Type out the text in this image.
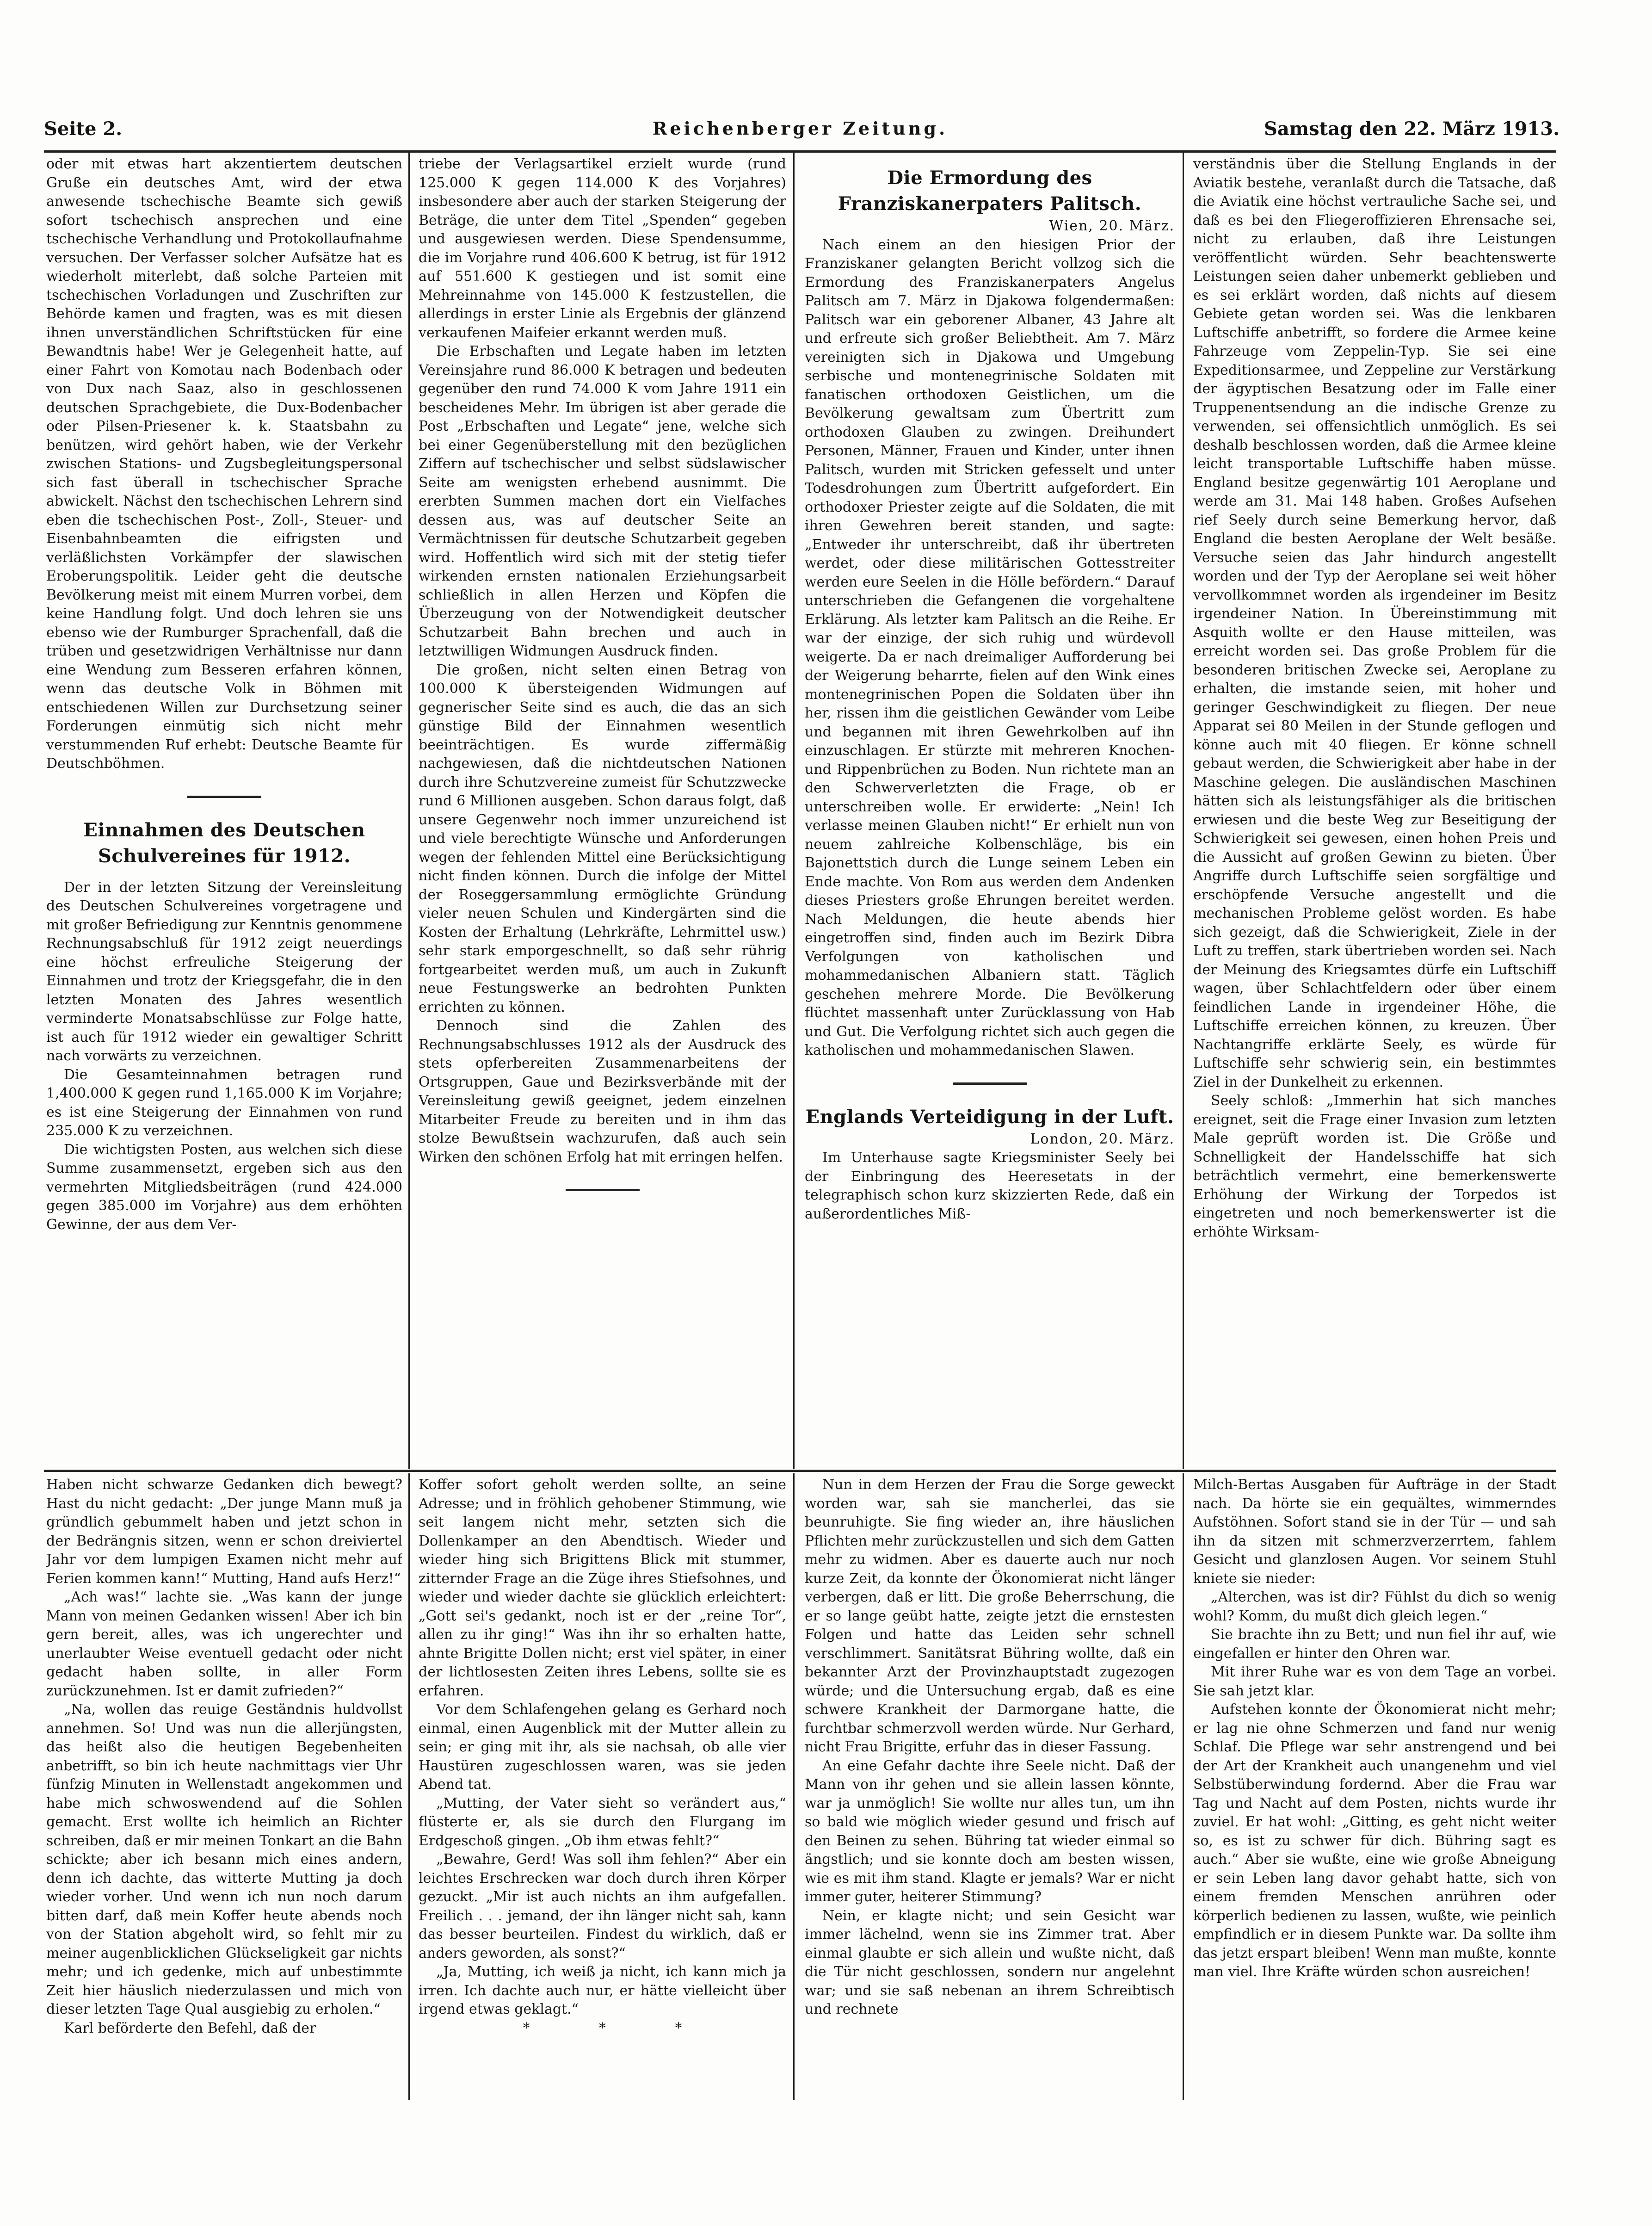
Seite 2.	Reichenberger Zeitung.	Samstag den 22. März 1913.

oder mit etwas hart akzentiertem deutschen Gruße ein deutsches Amt, wird der etwa anwesende tschechische Beamte sich gewiß sofort tschechisch ansprechen und eine tschechische Verhandlung und Protokollaufnahme versuchen. Der Verfasser solcher Aufsätze hat es wiederholt miterlebt, daß solche Parteien mit tschechischen Vorladungen und Zuschriften zur Behörde kamen und fragten, was es mit diesen ihnen unverständlichen Schriftstücken für eine Bewandtnis habe! Wer je Gelegenheit hatte, auf einer Fahrt von Komotau nach Bodenbach oder von Dux nach Saaz, also in geschlossenen deutschen Sprachgebiete, die Dux-Bodenbacher oder Pilsen-Priesener k. k. Staatsbahn zu benützen, wird gehört haben, wie der Verkehr zwischen Stations- und Zugsbegleitungspersonal sich fast überall in tschechischer Sprache abwickelt. Nächst den tschechischen Lehrern sind eben die tschechischen Post-, Zoll-, Steuer- und Eisenbahnbeamten die eifrigsten und verläßlichsten Vorkämpfer der slawischen Eroberungspolitik. Leider geht die deutsche Bevölkerung meist mit einem Murren vorbei, dem keine Handlung folgt. Und doch lehren sie uns ebenso wie der Rumburger Sprachenfall, daß die trüben und gesetzwidrigen Verhältnisse nur dann eine Wendung zum Besseren erfahren können, wenn das deutsche Volk in Böhmen mit entschiedenen Willen zur Durchsetzung seiner Forderungen einmütig sich nicht mehr verstummenden Ruf erhebt: Deutsche Beamte für Deutschböhmen.

Einnahmen des Deutschen Schulvereines für 1912.

Der in der letzten Sitzung der Vereinsleitung des Deutschen Schulvereines vorgetragene und mit großer Befriedigung zur Kenntnis genommene Rechnungsabschluß für 1912 zeigt neuerdings eine höchst erfreuliche Steigerung der Einnahmen und trotz der Kriegsgefahr, die in den letzten Monaten des Jahres wesentlich verminderte Monatsabschlüsse zur Folge hatte, ist auch für 1912 wieder ein gewaltiger Schritt nach vorwärts zu verzeichnen.

Die Gesamteinnahmen betragen rund 1,400.000 K gegen rund 1,165.000 K im Vorjahre; es ist eine Steigerung der Einnahmen von rund 235.000 K zu verzeichnen.

Die wichtigsten Posten, aus welchen sich diese Summe zusammensetzt, ergeben sich aus den vermehrten Mitgliedsbeiträgen (rund 424.000 gegen 385.000 im Vorjahre) aus dem erhöhten Gewinne, der aus dem Ver-

triebe der Verlagsartikel erzielt wurde (rund 125.000 K gegen 114.000 K des Vorjahres) insbesondere aber auch der starken Steigerung der Beträge, die unter dem Titel „Spenden“ gegeben und ausgewiesen werden. Diese Spendensumme, die im Vorjahre rund 406.600 K betrug, ist für 1912 auf 551.600 K gestiegen und ist somit eine Mehreinnahme von 145.000 K festzustellen, die allerdings in erster Linie als Ergebnis der glänzend verkaufenen Maifeier erkannt werden muß.

Die Erbschaften und Legate haben im letzten Vereinsjahre rund 86.000 K betragen und bedeuten gegenüber den rund 74.000 K vom Jahre 1911 ein bescheidenes Mehr. Im übrigen ist aber gerade die Post „Erbschaften und Legate“ jene, welche sich bei einer Gegenüberstellung mit den bezüglichen Ziffern auf tschechischer und selbst südslawischer Seite am wenigsten erhebend ausnimmt. Die ererbten Summen machen dort ein Vielfaches dessen aus, was auf deutscher Seite an Vermächtnissen für deutsche Schutzarbeit gegeben wird. Hoffentlich wird sich mit der stetig tiefer wirkenden ernsten nationalen Erziehungsarbeit schließlich in allen Herzen und Köpfen die Überzeugung von der Notwendigkeit deutscher Schutzarbeit Bahn brechen und auch in letztwilligen Widmungen Ausdruck finden.

Die großen, nicht selten einen Betrag von 100.000 K übersteigenden Widmungen auf gegnerischer Seite sind es auch, die das an sich günstige Bild der Einnahmen wesentlich beeinträchtigen. Es wurde ziffermäßig nachgewiesen, daß die nichtdeutschen Nationen durch ihre Schutzvereine zumeist für Schutzzwecke rund 6 Millionen ausgeben. Schon daraus folgt, daß unsere Gegenwehr noch immer unzureichend ist und viele berechtigte Wünsche und Anforderungen wegen der fehlenden Mittel eine Berücksichtigung nicht finden können. Durch die infolge der Mittel der Roseggersammlung ermöglichte Gründung vieler neuen Schulen und Kindergärten sind die Kosten der Erhaltung (Lehrkräfte, Lehrmittel usw.) sehr stark emporgeschnellt, so daß sehr rührig fortgearbeitet werden muß, um auch in Zukunft neue Festungswerke an bedrohten Punkten errichten zu können.

Dennoch sind die Zahlen des Rechnungsabschlusses 1912 als der Ausdruck des stets opferbereiten Zusammenarbeitens der Ortsgruppen, Gaue und Bezirksverbände mit der Vereinsleitung gewiß geeignet, jedem einzelnen Mitarbeiter Freude zu bereiten und in ihm das stolze Bewußtsein wachzurufen, daß auch sein Wirken den schönen Erfolg hat mit erringen helfen.

Die Ermordung des Franziskanerpaters Palitsch.

Wien, 20. März.

Nach einem an den hiesigen Prior der Franziskaner gelangten Bericht vollzog sich die Ermordung des Franziskanerpaters Angelus Palitsch am 7. März in Djakowa folgendermaßen: Palitsch war ein geborener Albaner, 43 Jahre alt und erfreute sich großer Beliebtheit. Am 7. März vereinigten sich in Djakowa und Umgebung serbische und montenegrinische Soldaten mit fanatischen orthodoxen Geistlichen, um die Bevölkerung gewaltsam zum Übertritt zum orthodoxen Glauben zu zwingen. Dreihundert Personen, Männer, Frauen und Kinder, unter ihnen Palitsch, wurden mit Stricken gefesselt und unter Todesdrohungen zum Übertritt aufgefordert. Ein orthodoxer Priester zeigte auf die Soldaten, die mit ihren Gewehren bereit standen, und sagte: „Entweder ihr unterschreibt, daß ihr übertreten werdet, oder diese militärischen Gottesstreiter werden eure Seelen in die Hölle befördern.“ Darauf unterschrieben die Gefangenen die vorgehaltene Erklärung. Als letzter kam Palitsch an die Reihe. Er war der einzige, der sich ruhig und würdevoll weigerte. Da er nach dreimaliger Aufforderung bei der Weigerung beharrte, fielen auf den Wink eines montenegrinischen Popen die Soldaten über ihn her, rissen ihm die geistlichen Gewänder vom Leibe und begannen mit ihren Gewehrkolben auf ihn einzuschlagen. Er stürzte mit mehreren Knochen- und Rippenbrüchen zu Boden. Nun richtete man an den Schwerverletzten die Frage, ob er unterschreiben wolle. Er erwiderte: „Nein! Ich verlasse meinen Glauben nicht!“ Er erhielt nun von neuem zahlreiche Kolbenschläge, bis ein Bajonettstich durch die Lunge seinem Leben ein Ende machte. Von Rom aus werden dem Andenken dieses Priesters große Ehrungen bereitet werden. Nach Meldungen, die heute abends hier eingetroffen sind, finden auch im Bezirk Dibra Verfolgungen von katholischen und mohammedanischen Albaniern statt. Täglich geschehen mehrere Morde. Die Bevölkerung flüchtet massenhaft unter Zurücklassung von Hab und Gut. Die Verfolgung richtet sich auch gegen die katholischen und mohammedanischen Slawen.

Englands Verteidigung in der Luft.

London, 20. März.

Im Unterhause sagte Kriegsminister Seely bei der Einbringung des Heeresetats in der telegraphisch schon kurz skizzierten Rede, daß ein außerordentliches Miß-

verständnis über die Stellung Englands in der Aviatik bestehe, veranlaßt durch die Tatsache, daß die Aviatik eine höchst vertrauliche Sache sei, und daß es bei den Fliegeroffizieren Ehrensache sei, nicht zu erlauben, daß ihre Leistungen veröffentlicht würden. Sehr beachtenswerte Leistungen seien daher unbemerkt geblieben und es sei erklärt worden, daß nichts auf diesem Gebiete getan worden sei. Was die lenkbaren Luftschiffe anbetrifft, so fordere die Armee keine Fahrzeuge vom Zeppelin-Typ. Sie sei eine Expeditionsarmee, und Zeppeline zur Verstärkung der ägyptischen Besatzung oder im Falle einer Truppenentsendung an die indische Grenze zu verwenden, sei offensichtlich unmöglich. Es sei deshalb beschlossen worden, daß die Armee kleine leicht transportable Luftschiffe haben müsse. England besitze gegenwärtig 101 Aeroplane und werde am 31. Mai 148 haben. Großes Aufsehen rief Seely durch seine Bemerkung hervor, daß England die besten Aeroplane der Welt besäße. Versuche seien das Jahr hindurch angestellt worden und der Typ der Aeroplane sei weit höher vervollkommnet worden als irgendeiner im Besitz irgendeiner Nation. In Übereinstimmung mit Asquith wollte er den Hause mitteilen, was erreicht worden sei. Das große Problem für die besonderen britischen Zwecke sei, Aeroplane zu erhalten, die imstande seien, mit hoher und geringer Geschwindigkeit zu fliegen. Der neue Apparat sei 80 Meilen in der Stunde geflogen und könne auch mit 40 fliegen. Er könne schnell gebaut werden, die Schwierigkeit aber habe in der Maschine gelegen. Die ausländischen Maschinen hätten sich als leistungsfähiger als die britischen erwiesen und die beste Weg zur Beseitigung der Schwierigkeit sei gewesen, einen hohen Preis und die Aussicht auf großen Gewinn zu bieten. Über Angriffe durch Luftschiffe seien sorgfältige und erschöpfende Versuche angestellt und die mechanischen Probleme gelöst worden. Es habe sich gezeigt, daß die Schwierigkeit, Ziele in der Luft zu treffen, stark übertrieben worden sei. Nach der Meinung des Kriegsamtes dürfe ein Luftschiff wagen, über Schlachtfeldern oder über einem feindlichen Lande in irgendeiner Höhe, die Luftschiffe erreichen können, zu kreuzen. Über Nachtangriffe erklärte Seely, es würde für Luftschiffe sehr schwierig sein, ein bestimmtes Ziel in der Dunkelheit zu erkennen.

Seely schloß: „Immerhin hat sich manches ereignet, seit die Frage einer Invasion zum letzten Male geprüft worden ist. Die Größe und Schnelligkeit der Handelsschiffe hat sich beträchtlich vermehrt, eine bemerkenswerte Erhöhung der Wirkung der Torpedos ist eingetreten und noch bemerkenswerter ist die erhöhte Wirksam-

Haben nicht schwarze Gedanken dich bewegt? Hast du nicht gedacht: „Der junge Mann muß ja gründlich gebummelt haben und jetzt schon in der Bedrängnis sitzen, wenn er schon dreiviertel Jahr vor dem lumpigen Examen nicht mehr auf Ferien kommen kann!“ Mutting, Hand aufs Herz!“

„Ach was!“ lachte sie. „Was kann der junge Mann von meinen Gedanken wissen! Aber ich bin gern bereit, alles, was ich ungerechter und unerlaubter Weise eventuell gedacht oder nicht gedacht haben sollte, in aller Form zurückzunehmen. Ist er damit zufrieden?“

„Na, wollen das reuige Geständnis huldvollst annehmen. So! Und was nun die allerjüngsten, das heißt also die heutigen Begebenheiten anbetrifft, so bin ich heute nachmittags vier Uhr fünfzig Minuten in Wellenstadt angekommen und habe mich schwoswendend auf die Sohlen gemacht. Erst wollte ich heimlich an Richter schreiben, daß er mir meinen Tonkart an die Bahn schickte; aber ich besann mich eines andern, denn ich dachte, das witterte Mutting ja doch wieder vorher. Und wenn ich nun noch darum bitten darf, daß mein Koffer heute abends noch von der Station abgeholt wird, so fehlt mir zu meiner augenblicklichen Glückseligkeit gar nichts mehr; und ich gedenke, mich auf unbestimmte Zeit hier häuslich niederzulassen und mich von dieser letzten Tage Qual ausgiebig zu erholen.“

Karl beförderte den Befehl, daß der

Koffer sofort geholt werden sollte, an seine Adresse; und in fröhlich gehobener Stimmung, wie seit langem nicht mehr, setzten sich die Dollenkamper an den Abendtisch. Wieder und wieder hing sich Brigittens Blick mit stummer, zitternder Frage an die Züge ihres Stiefsohnes, und wieder und wieder dachte sie glücklich erleichtert: „Gott sei's gedankt, noch ist er der „reine Tor“, allen zu ihr ging!“ Was ihn ihr so erhalten hatte, ahnte Brigitte Dollen nicht; erst viel später, in einer der lichtlosesten Zeiten ihres Lebens, sollte sie es erfahren.

Vor dem Schlafengehen gelang es Gerhard noch einmal, einen Augenblick mit der Mutter allein zu sein; er ging mit ihr, als sie nachsah, ob alle vier Haustüren zugeschlossen waren, was sie jeden Abend tat.

„Mutting, der Vater sieht so verändert aus,“ flüsterte er, als sie durch den Flurgang im Erdgeschoß gingen. „Ob ihm etwas fehlt?“

„Bewahre, Gerd! Was soll ihm fehlen?“ Aber ein leichtes Erschrecken war doch durch ihren Körper gezuckt. „Mir ist auch nichts an ihm aufgefallen. Freilich . . . jemand, der ihn länger nicht sah, kann das besser beurteilen. Findest du wirklich, daß er anders geworden, als sonst?“

„Ja, Mutting, ich weiß ja nicht, ich kann mich ja irren. Ich dachte auch nur, er hätte vielleicht über irgend etwas geklagt.“

* * *

Nun in dem Herzen der Frau die Sorge geweckt worden war, sah sie mancherlei, das sie beunruhigte. Sie fing wieder an, ihre häuslichen Pflichten mehr zurückzustellen und sich dem Gatten mehr zu widmen. Aber es dauerte auch nur noch kurze Zeit, da konnte der Ökonomierat nicht länger verbergen, daß er litt. Die große Beherrschung, die er so lange geübt hatte, zeigte jetzt die ernstesten Folgen und hatte das Leiden sehr schnell verschlimmert. Sanitätsrat Bühring wollte, daß ein bekannter Arzt der Provinzhauptstadt zugezogen würde; und die Untersuchung ergab, daß es eine schwere Krankheit der Darmorgane hatte, die furchtbar schmerzvoll werden würde. Nur Gerhard, nicht Frau Brigitte, erfuhr das in dieser Fassung.

An eine Gefahr dachte ihre Seele nicht. Daß der Mann von ihr gehen und sie allein lassen könnte, war ja unmöglich! Sie wollte nur alles tun, um ihn so bald wie möglich wieder gesund und frisch auf den Beinen zu sehen. Bühring tat wieder einmal so ängstlich; und sie konnte doch am besten wissen, wie es mit ihm stand. Klagte er jemals? War er nicht immer guter, heiterer Stimmung?

Nein, er klagte nicht; und sein Gesicht war immer lächelnd, wenn sie ins Zimmer trat. Aber einmal glaubte er sich allein und wußte nicht, daß die Tür nicht geschlossen, sondern nur angelehnt war; und sie saß nebenan an ihrem Schreibtisch und rechnete

Milch-Bertas Ausgaben für Aufträge in der Stadt nach. Da hörte sie ein gequältes, wimmerndes Aufstöhnen. Sofort stand sie in der Tür — und sah ihn da sitzen mit schmerzverzerrtem, fahlem Gesicht und glanzlosen Augen. Vor seinem Stuhl kniete sie nieder:

„Alterchen, was ist dir? Fühlst du dich so wenig wohl? Komm, du mußt dich gleich legen.“

Sie brachte ihn zu Bett; und nun fiel ihr auf, wie eingefallen er hinter den Ohren war.

Mit ihrer Ruhe war es von dem Tage an vorbei. Sie sah jetzt klar.

Aufstehen konnte der Ökonomierat nicht mehr; er lag nie ohne Schmerzen und fand nur wenig Schlaf. Die Pflege war sehr anstrengend und bei der Art der Krankheit auch unangenehm und viel Selbstüberwindung fordernd. Aber die Frau war Tag und Nacht auf dem Posten, nichts wurde ihr zuviel. Er hat wohl: „Gitting, es geht nicht weiter so, es ist zu schwer für dich. Bühring sagt es auch.“ Aber sie wußte, eine wie große Abneigung er sein Leben lang davor gehabt hatte, sich von einem fremden Menschen anrühren oder körperlich bedienen zu lassen, wußte, wie peinlich empfindlich er in diesem Punkte war. Da sollte ihm das jetzt erspart bleiben! Wenn man mußte, konnte man viel. Ihre Kräfte würden schon ausreichen!
